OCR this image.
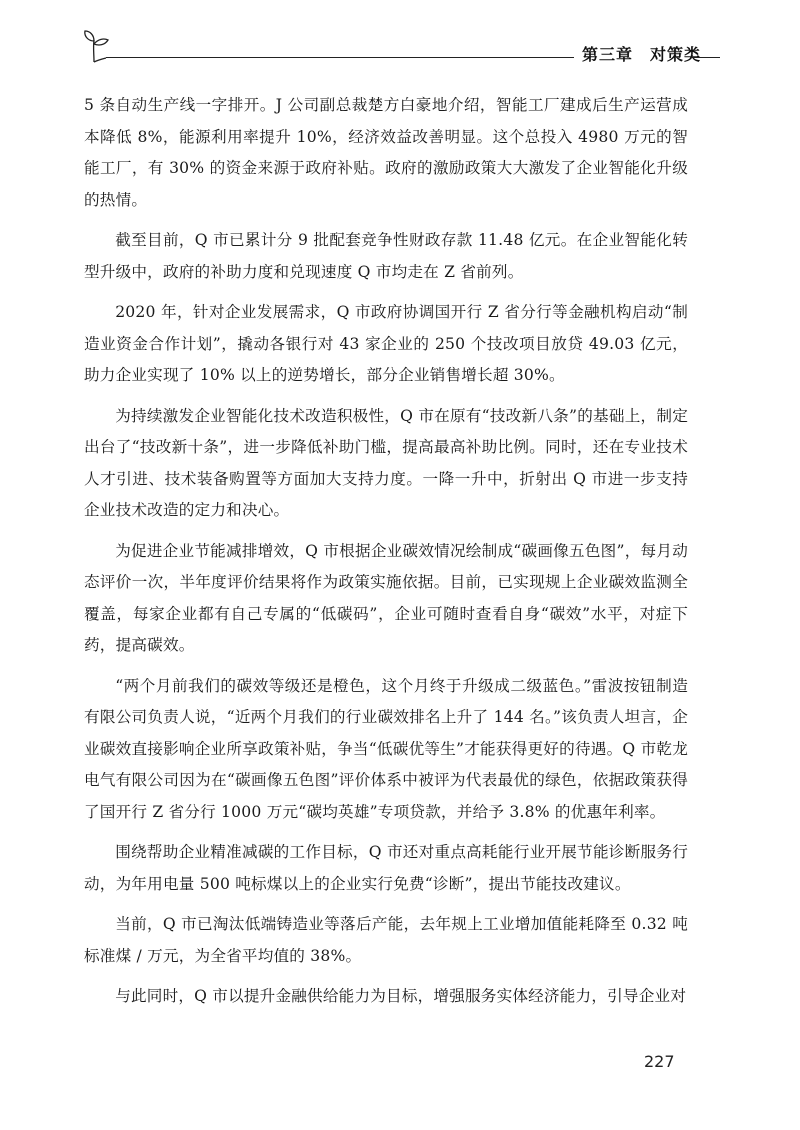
第三章　对策类

5 条自动生产线一字排开。J 公司副总裁楚方白豪地介绍，智能工厂建成后生产运营成本降低 8%，能源利用率提升 10%，经济效益改善明显。这个总投入 4980 万元的智能工厂，有 30% 的资金来源于政府补贴。政府的激励政策大大激发了企业智能化升级的热情。

截至目前，Q 市已累计分 9 批配套竞争性财政存款 11.48 亿元。在企业智能化转型升级中，政府的补助力度和兑现速度 Q 市均走在 Z 省前列。

2020 年，针对企业发展需求，Q 市政府协调国开行 Z 省分行等金融机构启动“制造业资金合作计划”，撬动各银行对 43 家企业的 250 个技改项目放贷 49.03 亿元，助力企业实现了 10% 以上的逆势增长，部分企业销售增长超 30%。

为持续激发企业智能化技术改造积极性，Q 市在原有“技改新八条”的基础上，制定出台了“技改新十条”，进一步降低补助门槛，提高最高补助比例。同时，还在专业技术人才引进、技术装备购置等方面加大支持力度。一降一升中，折射出 Q 市进一步支持企业技术改造的定力和决心。

为促进企业节能减排增效，Q 市根据企业碳效情况绘制成“碳画像五色图”，每月动态评价一次，半年度评价结果将作为政策实施依据。目前，已实现规上企业碳效监测全覆盖，每家企业都有自己专属的“低碳码”，企业可随时查看自身“碳效”水平，对症下药，提高碳效。

“两个月前我们的碳效等级还是橙色，这个月终于升级成二级蓝色。”雷波按钮制造有限公司负责人说，“近两个月我们的行业碳效排名上升了 144 名。”该负责人坦言，企业碳效直接影响企业所享政策补贴，争当“低碳优等生”才能获得更好的待遇。Q 市乾龙电气有限公司因为在“碳画像五色图”评价体系中被评为代表最优的绿色，依据政策获得了国开行 Z 省分行 1000 万元“碳均英雄”专项贷款，并给予 3.8% 的优惠年利率。

围绕帮助企业精准减碳的工作目标，Q 市还对重点高耗能行业开展节能诊断服务行动，为年用电量 500 吨标煤以上的企业实行免费“诊断”，提出节能技改建议。

当前，Q 市已淘汰低端铸造业等落后产能，去年规上工业增加值能耗降至 0.32 吨标准煤 / 万元，为全省平均值的 38%。

与此同时，Q 市以提升金融供给能力为目标，增强服务实体经济能力，引导企业对

227
